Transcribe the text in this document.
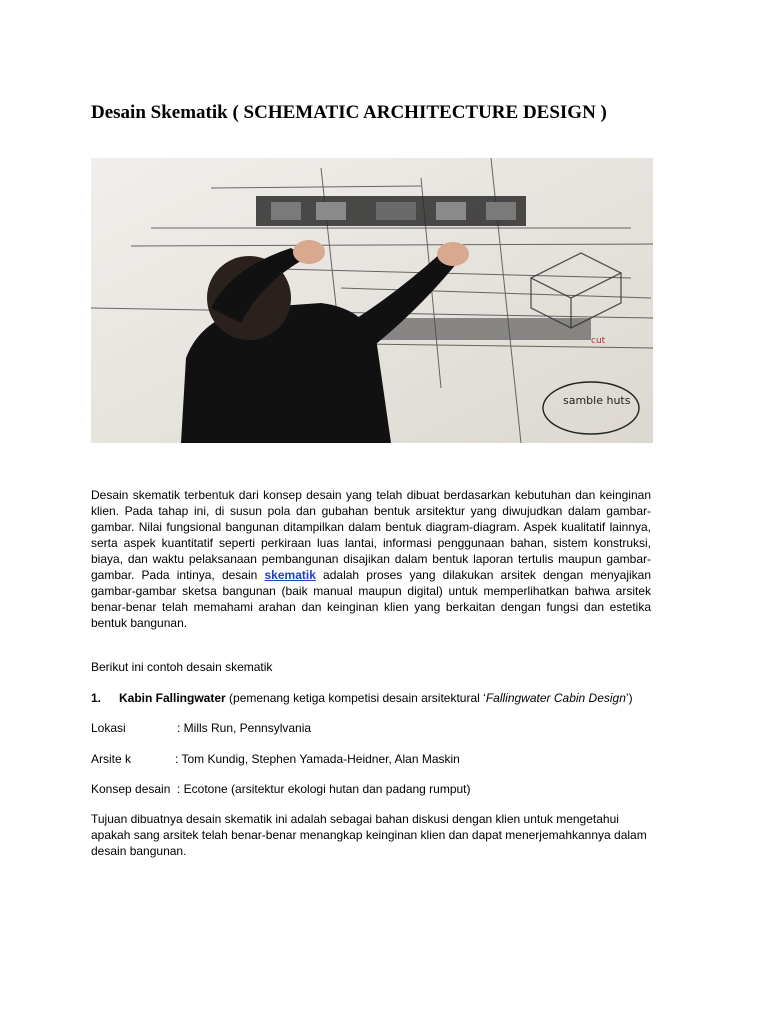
Desain Skematik ( SCHEMATIC ARCHITECTURE DESIGN )
samble huts
cut

Desain skematik terbentuk dari konsep desain yang telah dibuat berdasarkan kebutuhan dan keinginan klien. Pada tahap ini, di susun pola dan gubahan bentuk arsitektur yang diwujudkan dalam gambar-gambar. Nilai fungsional bangunan ditampilkan dalam bentuk diagram-diagram. Aspek kualitatif lainnya, serta aspek kuantitatif seperti perkiraan luas lantai, informasi penggunaan bahan, sistem konstruksi, biaya, dan waktu pelaksanaan pembangunan disajikan dalam bentuk laporan tertulis maupun gambar-gambar. Pada intinya, desain skematik adalah proses yang dilakukan arsitek dengan menyajikan gambar-gambar sketsa bangunan (baik manual maupun digital) untuk memperlihatkan bahwa arsitek benar-benar telah memahami arahan dan keinginan klien yang berkaitan dengan fungsi dan estetika bentuk bangunan.

Berikut ini contoh desain skematik

1. Kabin Fallingwater (pemenang ketiga kompetisi desain arsitektural ‘Fallingwater Cabin Design’)

Lokasi	: Mills Run, Pennsylvania

Arsite k	: Tom Kundig, Stephen Yamada-Heidner, Alan Maskin

Konsep desain : Ecotone (arsitektur ekologi hutan dan padang rumput)

Tujuan dibuatnya desain skematik ini adalah sebagai bahan diskusi dengan klien untuk mengetahui apakah sang arsitek telah benar-benar menangkap keinginan klien dan dapat menerjemahkannya dalam desain bangunan.
